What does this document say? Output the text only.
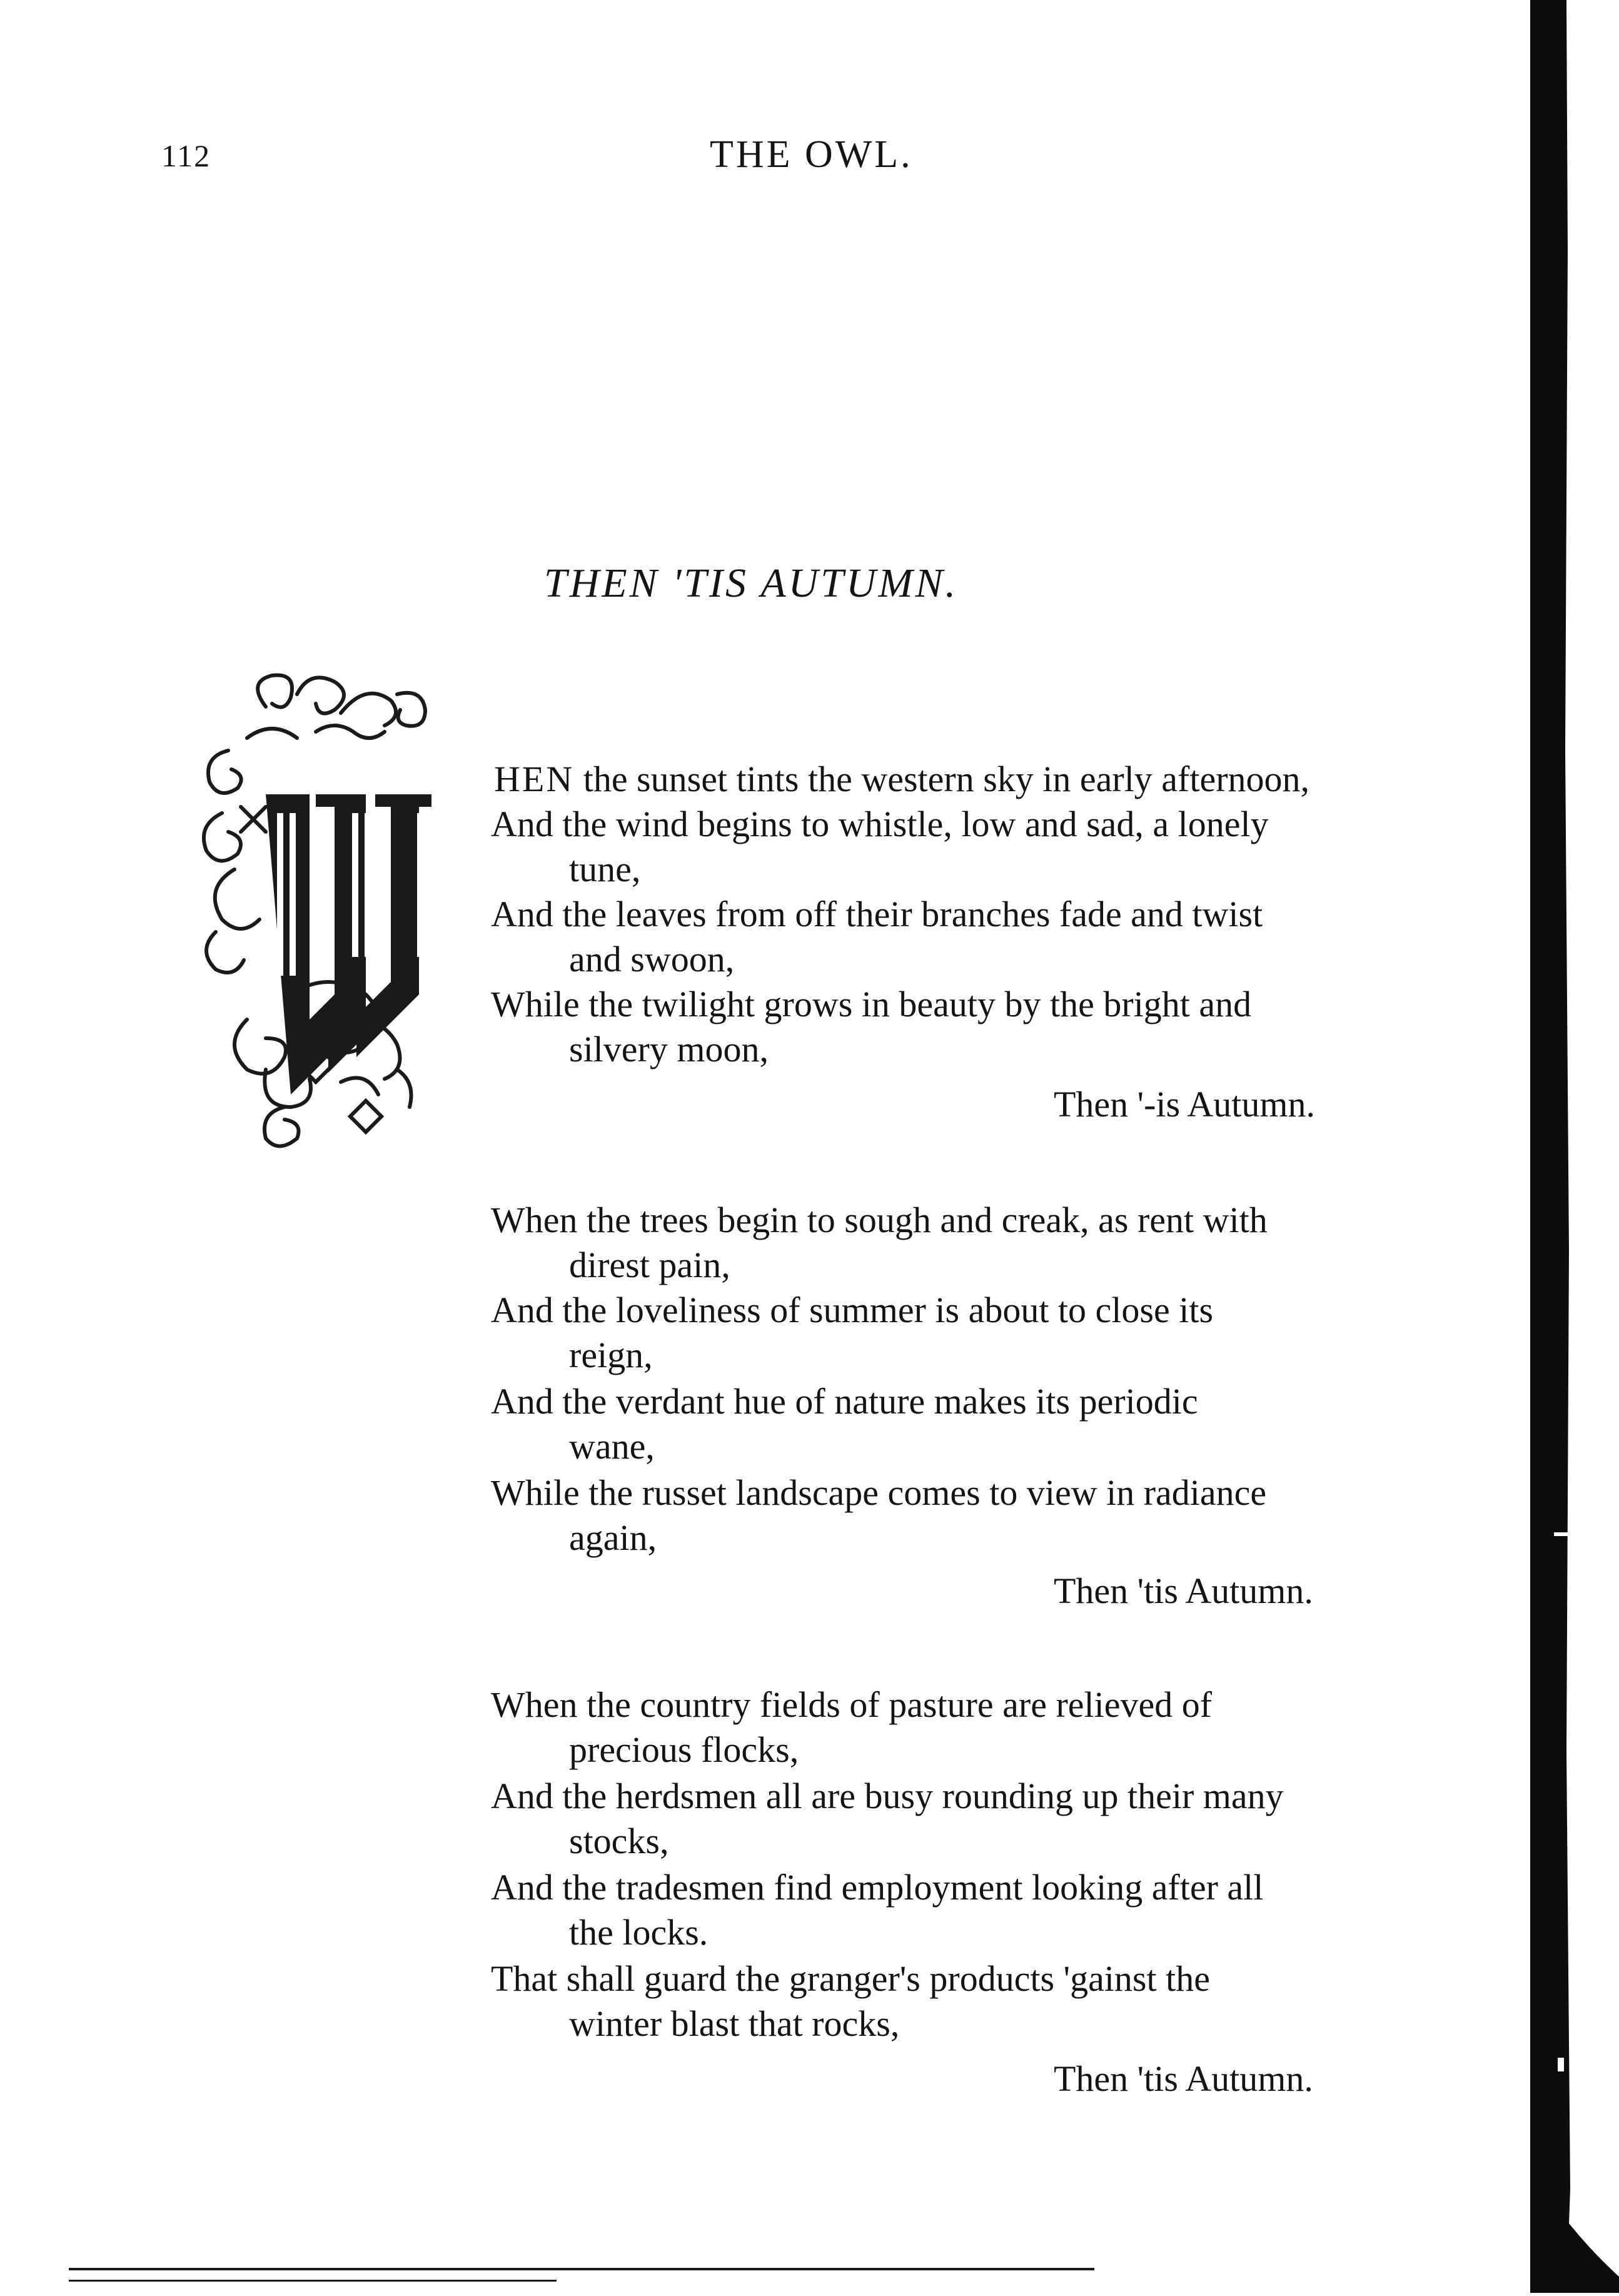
112	THE OWL.
THEN 'TIS AUTUMN.
HEN the sunset tints the western sky in early afternoon,
And the wind begins to whistle, low and sad, a lonely
tune,
And the leaves from off their branches fade and twist
and swoon,
While the twilight grows in beauty by the bright and
silvery moon,
Then '-is Autumn.
When the trees begin to sough and creak, as rent with
direst pain,
And the loveliness of summer is about to close its
reign,
And the verdant hue of nature makes its periodic
wane,
While the russet landscape comes to view in radiance
again,
Then 'tis Autumn.
When the country fields of pasture are relieved of
precious flocks,
And the herdsmen all are busy rounding up their many
stocks,
And the tradesmen find employment looking after all
the locks.
That shall guard the granger's products 'gainst the
winter blast that rocks,
Then 'tis Autumn.
